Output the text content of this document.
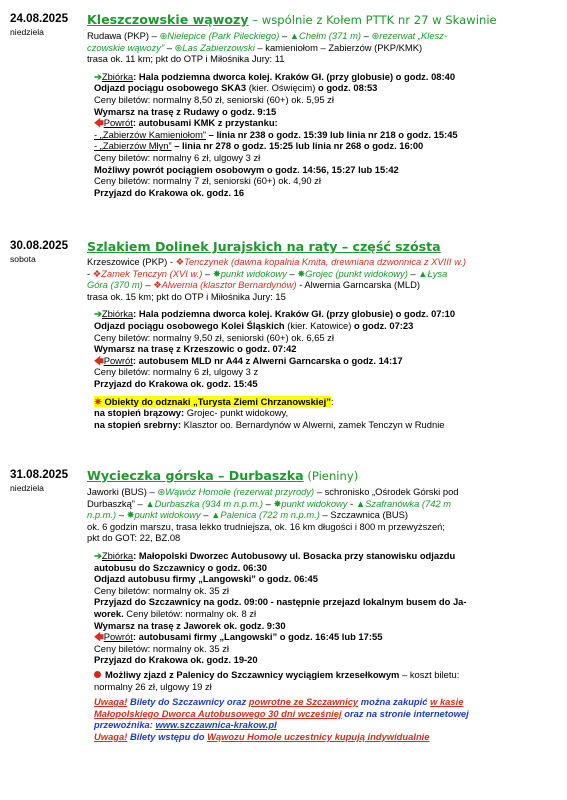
24.08.2025
niedziela
Kleszczowskie wąwozy – wspólnie z Kołem PTTK nr 27 w Skawinie
Rudawa (PKP) – ⊛Nielepice (Park Pileckiego) – ▲Chełm (371 m) – ⊛rezerwat „Klesz-
czowskie wąwozy” – ⊛Las Zabierzowski – kamieniołom – Zabierzów (PKP/KMK)
trasa ok. 11 km; pkt do OTP i Miłośnika Jury: 11
➔Zbiórka: Hala podziemna dworca kolej. Kraków Gł. (przy globusie) o godz. 08:40
Odjazd pociągu osobowego SKA3 (kier. Oświęcim) o godz. 08:53
Ceny biletów: normalny 8,50 zł, seniorski (60+) ok. 5,95 zł
Wymarsz na trasę z Rudawy o godz. 9:15
🡄Powrót: autobusami KMK z przystanku:
- „Zabierzów Kamieniołom” – linia nr 238 o godz. 15:39 lub linia nr 218 o godz. 15:45
- „Zabierzów Młyn” – linia nr 278 o godz. 15:25 lub linia nr 268 o godz. 16:00
Ceny biletów: normalny 6 zł, ulgowy 3 zł
Możliwy powrót pociągiem osobowym o godz. 14:56, 15:27 lub 15:42
Ceny biletów: normalny 7 zł, seniorski (60+) ok. 4,90 zł
Przyjazd do Krakowa ok. godz. 16
30.08.2025
sobota
Szlakiem Dolinek Jurajskich na raty – część szósta
Krzeszowice (PKP) - ❖Tenczynek (dawna kopalnia Kmita, drewniana dzwonnica z XVIII w.)
- ❖Zamek Tenczyn (XVI w.) – ✸punkt widokowy – ✸Grojec (punkt widokowy) – ▲Łysa
Góra (370 m) – ❖Alwernia (klasztor Bernardynów) - Alwernia Garncarska (MLD)
trasa ok. 15 km; pkt do OTP i Miłośnika Jury: 15
➔Zbiórka: Hala podziemna dworca kolej. Kraków Gł. (przy globusie) o godz. 07:10
Odjazd pociągu osobowego Kolei Śląskich (kier. Katowice) o godz. 07:23
Ceny biletów: normalny 9,50 zł, seniorski (60+) ok. 6,65 zł
Wymarsz na trasę z Krzeszowic o godz. 07:42
🡄Powrót: autobusem MLD nr A44 z Alwerni Garncarska o godz. 14:17
Ceny biletów: normalny 6 zł, ulgowy 3 z
Przyjazd do Krakowa ok. godz. 15:45
✷ Obiekty do odznaki „Turysta Ziemi Chrzanowskiej”:
na stopień brązowy: Grojec- punkt widokowy,
na stopień srebrny: Klasztor oo. Bernardynów w Alwerni, zamek Tenczyn w Rudnie
31.08.2025
niedziela
Wycieczka górska – Durbaszka (Pieniny)
Jaworki (BUS) – ⊛Wąwóz Homole (rezerwat przyrody) – schronisko „Ośrodek Górski pod
Durbaszką” – ▲Durbaszka (934 m n.p.m.) – ✸punkt widokowy - ▲Szafranówka (742 m
n.p.m.) – ✸punkt widokowy – ▲Palenica (722 m n.p.m.) – Szczawnica (BUS)
ok. 6 godzin marszu, trasa lekko trudniejsza, ok. 16 km długości i 800 m przewyższeń;
pkt do GOT: 22, BZ.08
➔Zbiórka: Małopolski Dworzec Autobusowy ul. Bosacka przy stanowisku odjazdu
autobusu do Szczawnicy o godz. 06:30
Odjazd autobusu firmy „Langowski” o godz. 06:45
Ceny biletów: normalny ok. 35 zł
Przyjazd do Szczawnicy na godz. 09:00 - następnie przejazd lokalnym busem do Ja-
worek. Ceny biletów: normalny ok. 8 zł
Wymarsz na trasę z Jaworek ok. godz. 9:30
🡄Powrót: autobusami firmy „Langowski” o godz. 16:45 lub 17:55
Ceny biletów: normalny ok. 35 zł
Przyjazd do Krakowa ok. godz. 19-20
Możliwy zjazd z Palenicy do Szczawnicy wyciągiem krzesełkowym – koszt biletu:
normalny 26 zł, ulgowy 19 zł
Uwaga! Bilety do Szczawnicy oraz powrotne ze Szczawnicy można zakupić w kasie
Małopolskiego Dworca Autobusowego 30 dni wcześniej oraz na stronie internetowej
przewoźnika: www.szczawnica-krakow.pl
Uwaga! Bilety wstępu do Wąwozu Homole uczestnicy kupują indywidualnie
